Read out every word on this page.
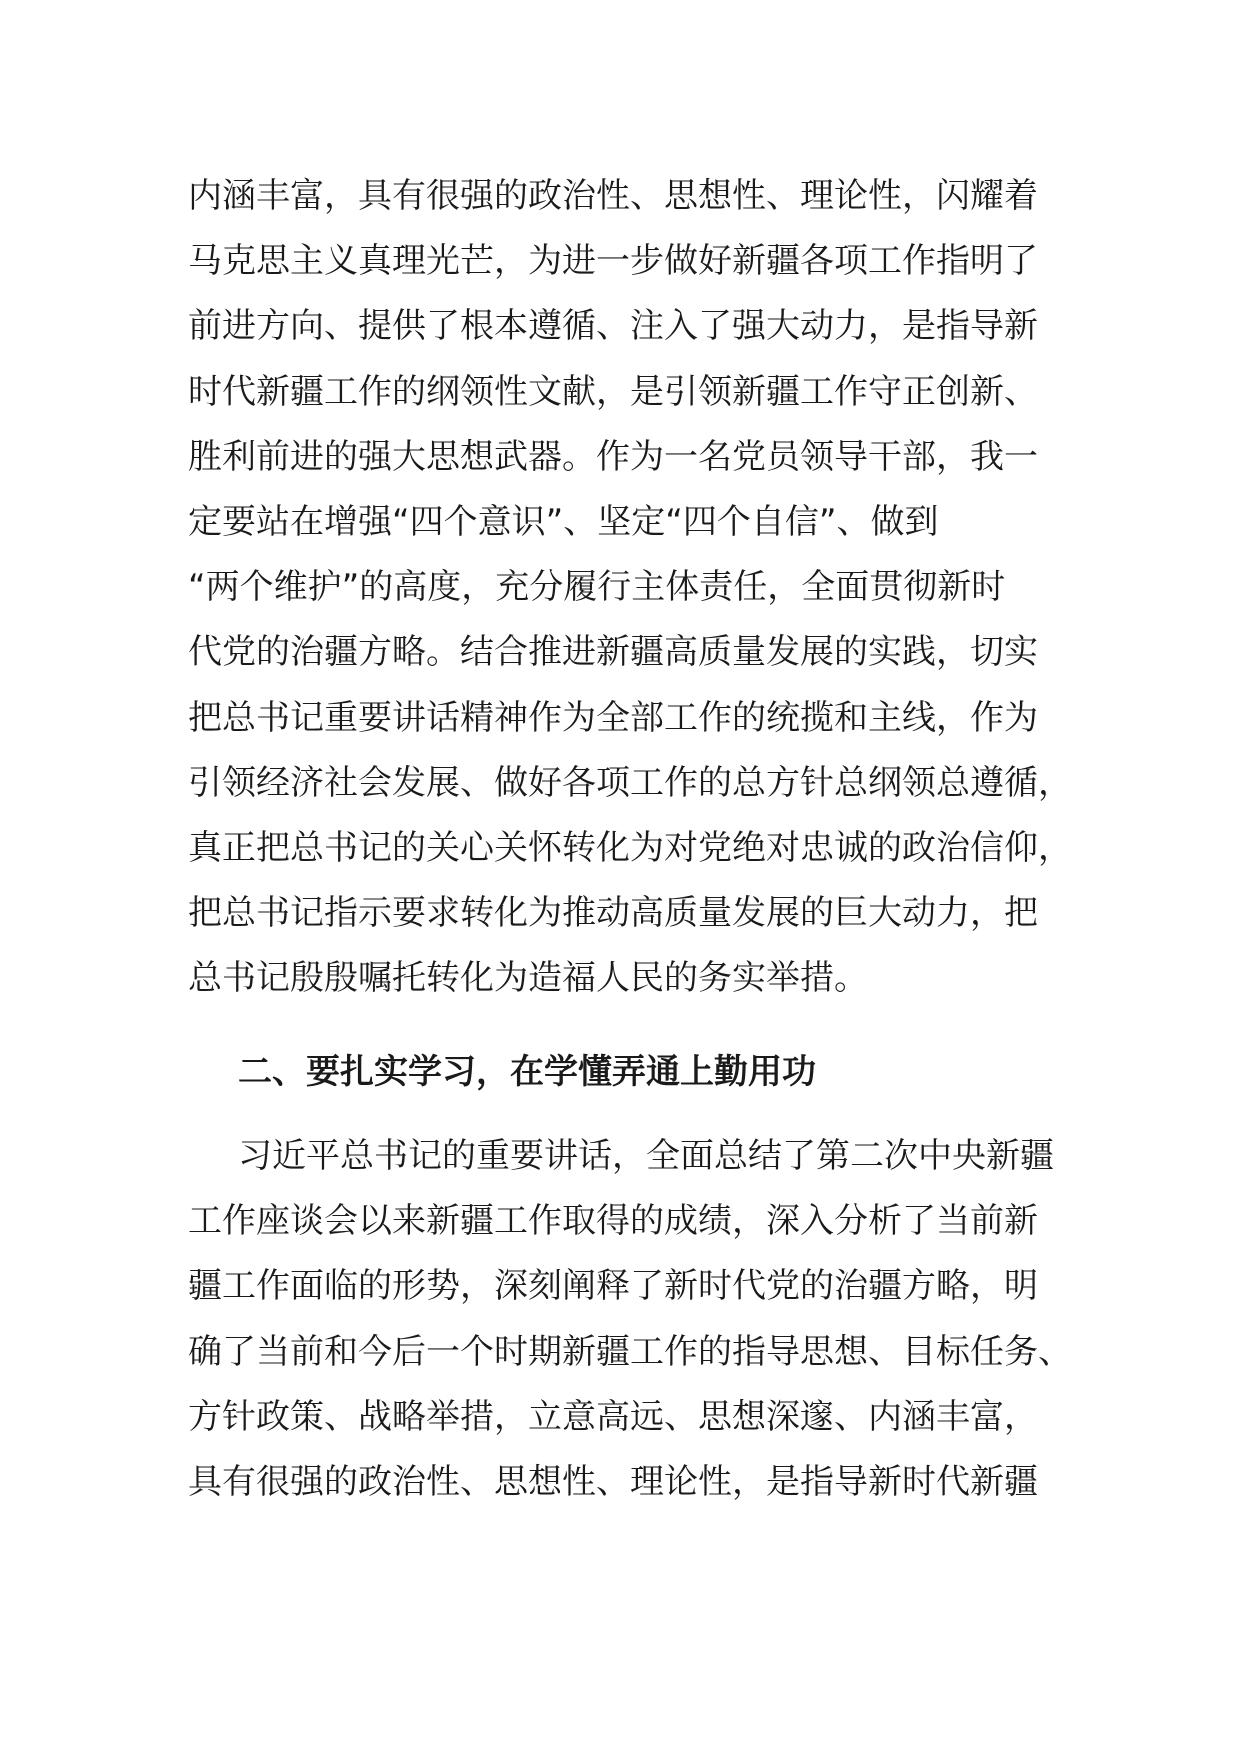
内涵丰富，具有很强的政治性、思想性、理论性，闪耀着
马克思主义真理光芒，为进一步做好新疆各项工作指明了
前进方向、提供了根本遵循、注入了强大动力，是指导新
时代新疆工作的纲领性文献，是引领新疆工作守正创新、
胜利前进的强大思想武器。作为一名党员领导干部，我一
定要站在增强“四个意识”、坚定“四个自信”、做到
“两个维护”的高度，充分履行主体责任，全面贯彻新时
代党的治疆方略。结合推进新疆高质量发展的实践，切实
把总书记重要讲话精神作为全部工作的统揽和主线，作为
引领经济社会发展、做好各项工作的总方针总纲领总遵循，
真正把总书记的关心关怀转化为对党绝对忠诚的政治信仰，
把总书记指示要求转化为推动高质量发展的巨大动力，把
总书记殷殷嘱托转化为造福人民的务实举措。
二、要扎实学习，在学懂弄通上勤用功
习近平总书记的重要讲话，全面总结了第二次中央新疆
工作座谈会以来新疆工作取得的成绩，深入分析了当前新
疆工作面临的形势，深刻阐释了新时代党的治疆方略，明
确了当前和今后一个时期新疆工作的指导思想、目标任务、
方针政策、战略举措，立意高远、思想深邃、内涵丰富，
具有很强的政治性、思想性、理论性，是指导新时代新疆
